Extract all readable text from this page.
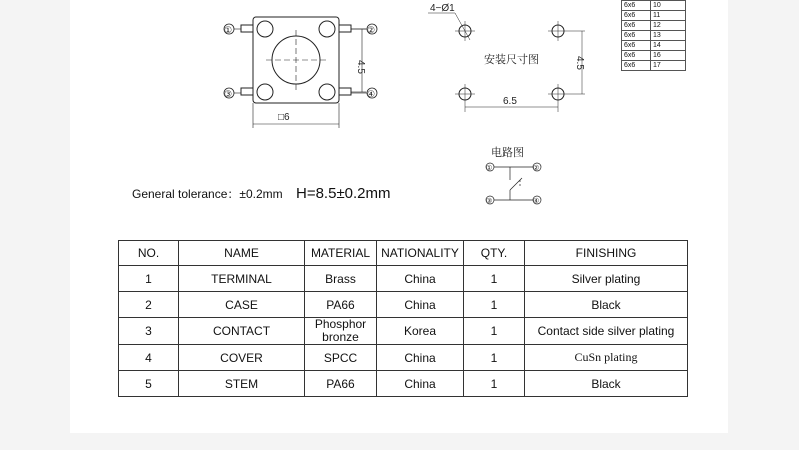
6x6	10
6x6	11
6x6	12
6x6	13
6x6	14
6x6	16
6x6	17
□6
4.5
①	②
③	④
4−Ø1
安装尺寸图
6.5
4.5
电路图
①	②
③	④
General tolerance：±0.2mm H=8.5±0.2mm
NO.	NAME	MATERIAL	NATIONALITY	QTY.	FINISHING
1	TERMINAL	Brass	China	1	Silver plating
2	CASE	PA66	China	1	Black
3	CONTACT	Phosphor bronze	Korea	1	Contact side silver plating
4	COVER	SPCC	China	1	CuSn plating
5	STEM	PA66	China	1	Black
